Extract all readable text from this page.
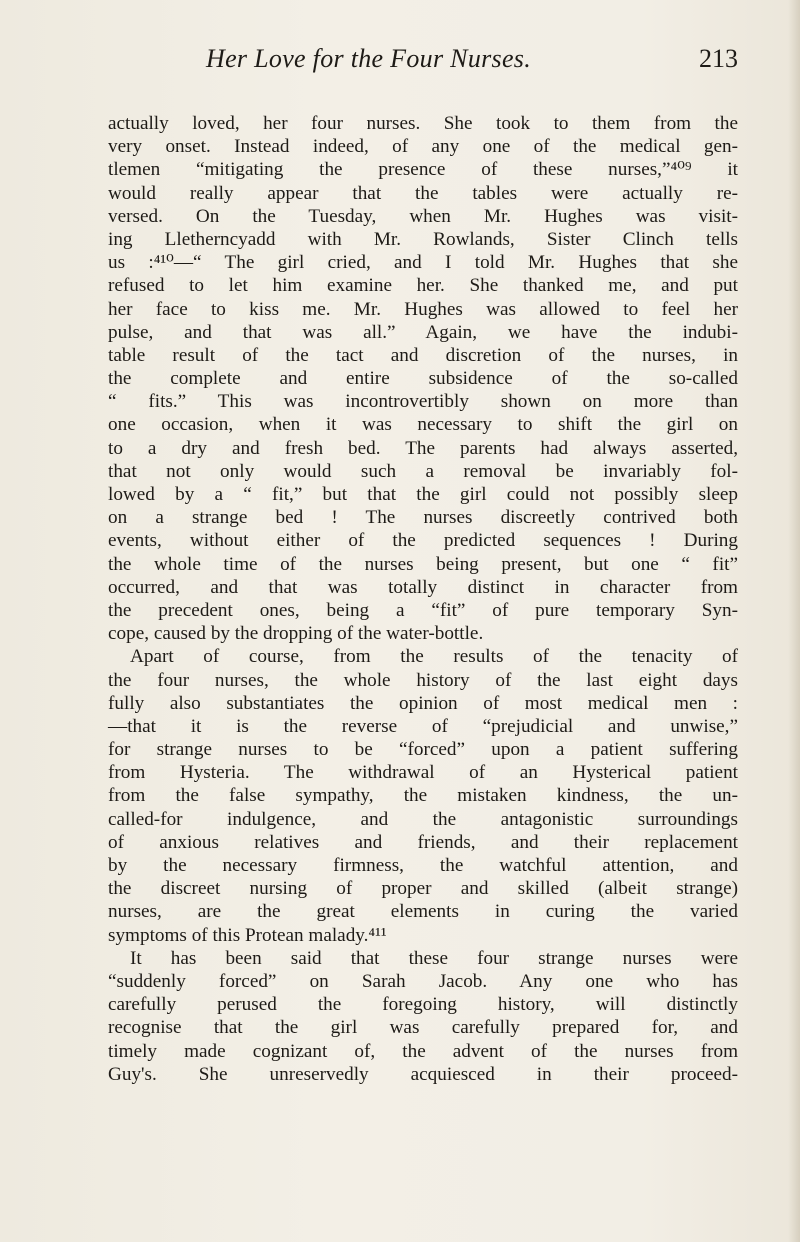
Her Love for the Four Nurses.	213
actually loved, her four nurses. She took to them from the
very onset. Instead indeed, of any one of the medical gen-
tlemen “mitigating the presence of these nurses,”⁴⁰⁹ it
would really appear that the tables were actually re-
versed. On the Tuesday, when Mr. Hughes was visit-
ing Lletherncyadd with Mr. Rowlands, Sister Clinch tells
us :⁴¹⁰—“ The girl cried, and I told Mr. Hughes that she
refused to let him examine her. She thanked me, and put
her face to kiss me. Mr. Hughes was allowed to feel her
pulse, and that was all.” Again, we have the indubi-
table result of the tact and discretion of the nurses, in
the complete and entire subsidence of the so-called
“ fits.” This was incontrovertibly shown on more than
one occasion, when it was necessary to shift the girl on
to a dry and fresh bed. The parents had always asserted,
that not only would such a removal be invariably fol-
lowed by a “ fit,” but that the girl could not possibly sleep
on a strange bed ! The nurses discreetly contrived both
events, without either of the predicted sequences ! During
the whole time of the nurses being present, but one “ fit”
occurred, and that was totally distinct in character from
the precedent ones, being a “fit” of pure temporary Syn-
cope, caused by the dropping of the water-bottle.
Apart of course, from the results of the tenacity of
the four nurses, the whole history of the last eight days
fully also substantiates the opinion of most medical men :
—that it is the reverse of “prejudicial and unwise,”
for strange nurses to be “forced” upon a patient suffering
from Hysteria. The withdrawal of an Hysterical patient
from the false sympathy, the mistaken kindness, the un-
called-for indulgence, and the antagonistic surroundings
of anxious relatives and friends, and their replacement
by the necessary firmness, the watchful attention, and
the discreet nursing of proper and skilled (albeit strange)
nurses, are the great elements in curing the varied
symptoms of this Protean malady.⁴¹¹
It has been said that these four strange nurses were
“suddenly forced” on Sarah Jacob. Any one who has
carefully perused the foregoing history, will distinctly
recognise that the girl was carefully prepared for, and
timely made cognizant of, the advent of the nurses from
Guy's. She unreservedly acquiesced in their proceed-
